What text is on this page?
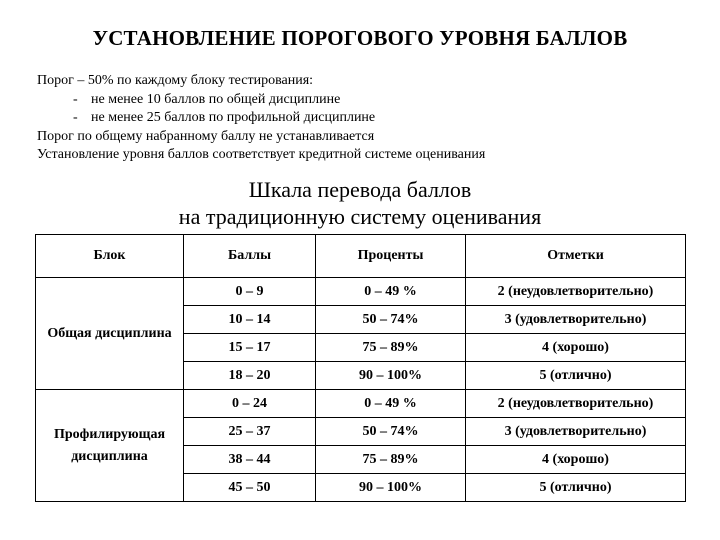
УСТАНОВЛЕНИЕ ПОРОГОВОГО УРОВНЯ БАЛЛОВ
Порог – 50% по каждому блоку тестирования:
- не менее 10 баллов по общей дисциплине
- не менее 25 баллов по профильной дисциплине
Порог по общему набранному баллу не устанавливается
Установление уровня баллов соответствует кредитной системе оценивания
Шкала перевода баллов
на традиционную систему оценивания
Блок	Баллы	Проценты	Отметки
Общая дисциплина	0 – 9	0 – 49 %	2 (неудовлетворительно)
	10 – 14	50 – 74%	3 (удовлетворительно)
	15 – 17	75 – 89%	4 (хорошо)
	18 – 20	90 – 100%	5 (отлично)
Профилирующая дисциплина	0 – 24	0 – 49 %	2 (неудовлетворительно)
	25 – 37	50 – 74%	3 (удовлетворительно)
	38 – 44	75 – 89%	4 (хорошо)
	45 – 50	90 – 100%	5 (отлично)
